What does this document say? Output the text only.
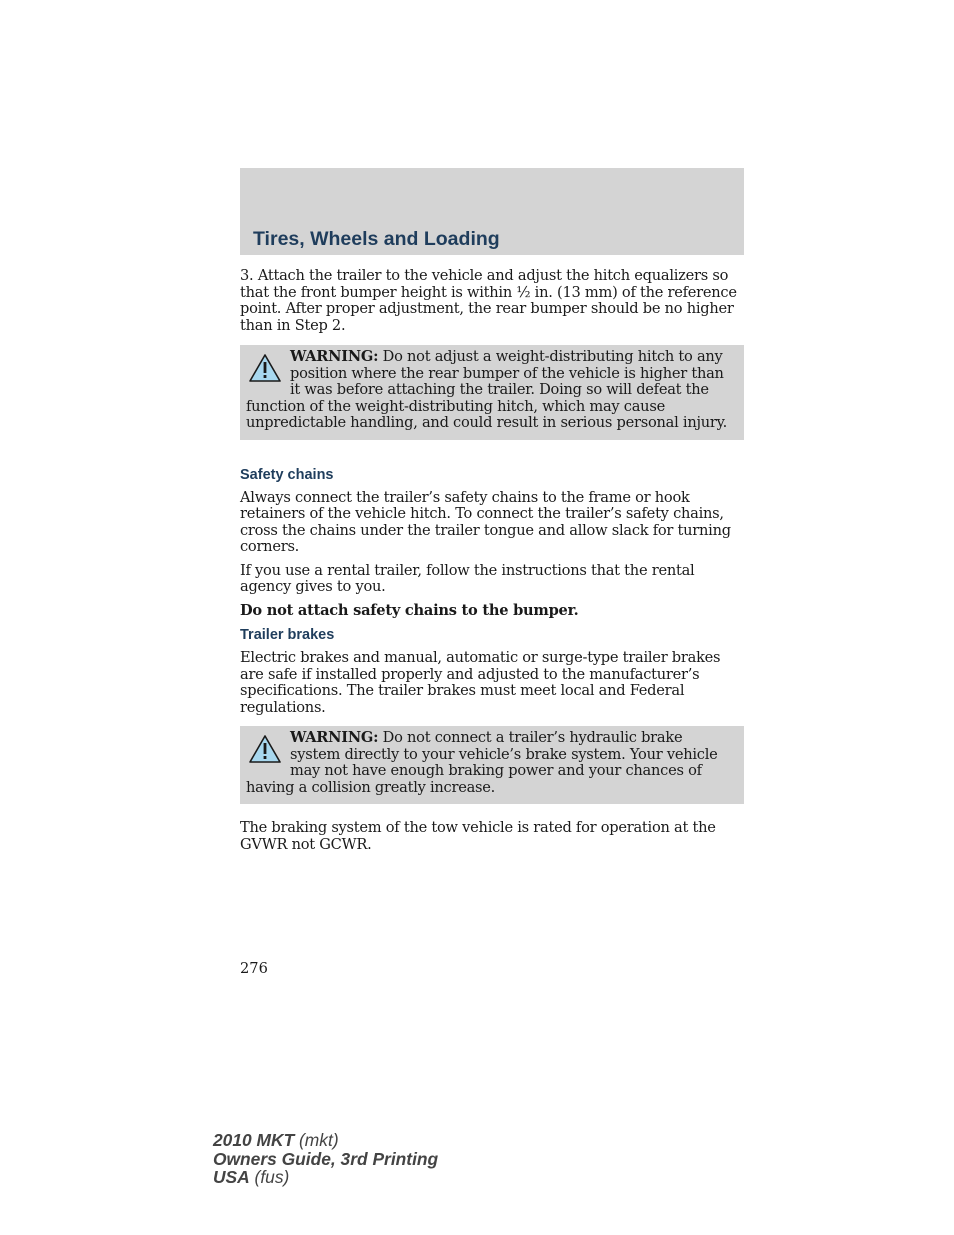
Tires, Wheels and Loading

3. Attach the trailer to the vehicle and adjust the hitch equalizers so that the front bumper height is within ½ in. (13 mm) of the reference point. After proper adjustment, the rear bumper should be no higher than in Step 2.

WARNING: Do not adjust a weight-distributing hitch to any position where the rear bumper of the vehicle is higher than it was before attaching the trailer. Doing so will defeat the function of the weight-distributing hitch, which may cause unpredictable handling, and could result in serious personal injury.
Safety chains

Always connect the trailer’s safety chains to the frame or hook retainers of the vehicle hitch. To connect the trailer’s safety chains, cross the chains under the trailer tongue and allow slack for turning corners.

If you use a rental trailer, follow the instructions that the rental agency gives to you.

Do not attach safety chains to the bumper.

Trailer brakes

Electric brakes and manual, automatic or surge-type trailer brakes are safe if installed properly and adjusted to the manufacturer’s specifications. The trailer brakes must meet local and Federal regulations.

WARNING: Do not connect a trailer’s hydraulic brake system directly to your vehicle’s brake system. Your vehicle may not have enough braking power and your chances of having a collision greatly increase.

The braking system of the tow vehicle is rated for operation at the GVWR not GCWR.

276
2010 MKT (mkt)
Owners Guide, 3rd Printing
USA (fus)
